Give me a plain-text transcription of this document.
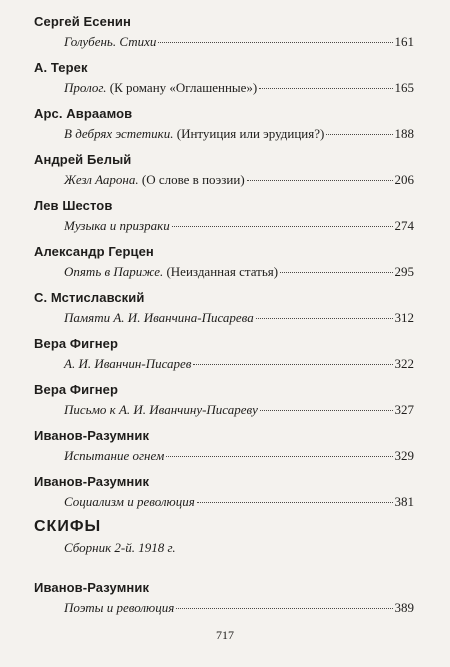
Сергей Есенин
Голубень. Стихи	161
А. Терек
Пролог. (К роману «Оглашенные»)	165
Арс. Авраамов
В дебрях эстетики. (Интуиция или эрудиция?)	188
Андрей Белый
Жезл Аарона. (О слове в поэзии)	206
Лев Шестов
Музыка и призраки	274
Александр Герцен
Опять в Париже. (Неизданная статья)	295
С. Мстиславский
Памяти А. И. Иванчина-Писарева	312
Вера Фигнер
А. И. Иванчин-Писарев	322
Вера Фигнер
Письмо к А. И. Иванчину-Писареву	327
Иванов-Разумник
Испытание огнем	329
Иванов-Разумник
Социализм и революция	381
СКИФЫ
Сборник 2-й. 1918 г.
Иванов-Разумник
Поэты и революция	389
717
